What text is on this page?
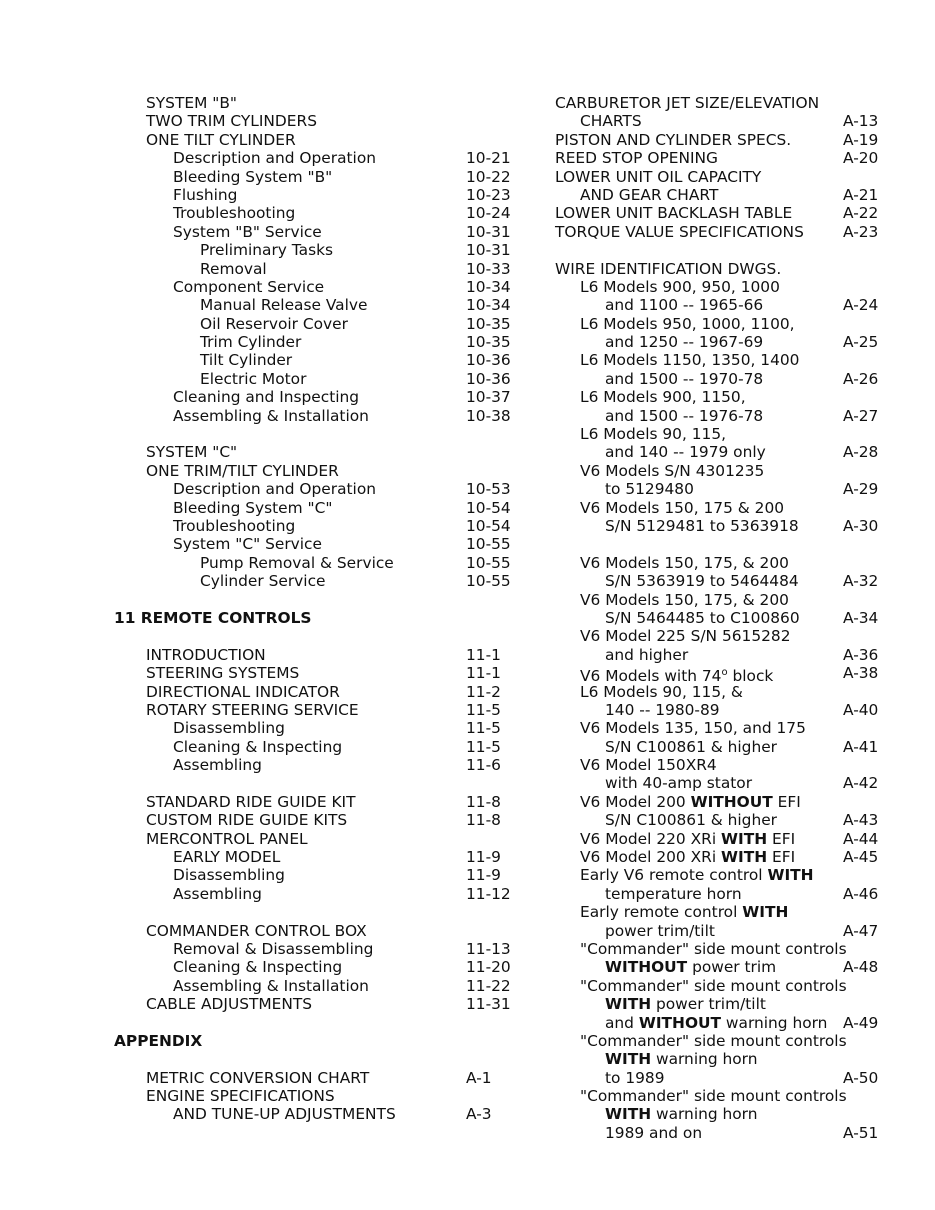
SYSTEM "B"
TWO TRIM CYLINDERS
ONE TILT CYLINDER
Description and Operation	10-21
Bleeding System "B"	10-22
Flushing	10-23
Troubleshooting	10-24
System "B" Service	10-31
Preliminary Tasks	10-31
Removal	10-33
Component Service	10-34
Manual Release Valve	10-34
Oil Reservoir Cover	10-35
Trim Cylinder	10-35
Tilt Cylinder	10-36
Electric Motor	10-36
Cleaning and Inspecting	10-37
Assembling & Installation	10-38
SYSTEM "C"
ONE TRIM/TILT CYLINDER
Description and Operation	10-53
Bleeding System "C"	10-54
Troubleshooting	10-54
System "C" Service	10-55
Pump Removal & Service	10-55
Cylinder Service	10-55
11 REMOTE CONTROLS
INTRODUCTION	11-1
STEERING SYSTEMS	11-1
DIRECTIONAL INDICATOR	11-2
ROTARY STEERING SERVICE	11-5
Disassembling	11-5
Cleaning & Inspecting	11-5
Assembling	11-6
STANDARD RIDE GUIDE KIT	11-8
CUSTOM RIDE GUIDE KITS	11-8
MERCONTROL PANEL
EARLY MODEL	11-9
Disassembling	11-9
Assembling	11-12
COMMANDER CONTROL BOX
Removal & Disassembling	11-13
Cleaning & Inspecting	11-20
Assembling & Installation	11-22
CABLE ADJUSTMENTS	11-31
APPENDIX
METRIC CONVERSION CHART	A-1
ENGINE SPECIFICATIONS
AND TUNE-UP ADJUSTMENTS	A-3
CARBURETOR JET SIZE/ELEVATION
CHARTS	A-13
PISTON AND CYLINDER SPECS.	A-19
REED STOP OPENING	A-20
LOWER UNIT OIL CAPACITY
AND GEAR CHART	A-21
LOWER UNIT BACKLASH TABLE	A-22
TORQUE VALUE SPECIFICATIONS	A-23
WIRE IDENTIFICATION DWGS.
L6 Models 900, 950, 1000
and 1100 -- 1965-66	A-24
L6 Models 950, 1000, 1100,
and 1250 -- 1967-69	A-25
L6 Models 1150, 1350, 1400
and 1500 -- 1970-78	A-26
L6 Models 900, 1150,
and 1500 -- 1976-78	A-27
L6 Models 90, 115,
and 140 -- 1979 only	A-28
V6 Models S/N 4301235
to 5129480	A-29
V6 Models 150, 175 & 200
S/N 5129481 to 5363918	A-30
V6 Models 150, 175, & 200
S/N 5363919 to 5464484	A-32
V6 Models 150, 175, & 200
S/N 5464485 to C100860	A-34
V6 Model 225 S/N 5615282
and higher	A-36
V6 Models with 74$^o$ block	A-38
L6 Models 90, 115, &
140 -- 1980-89	A-40
V6 Models 135, 150, and 175
S/N C100861 & higher	A-41
V6 Model 150XR4
with 40-amp stator	A-42
V6 Model 200 WITHOUT EFI
S/N C100861 & higher	A-43
V6 Model 220 XRi WITH EFI	A-44
V6 Model 200 XRi WITH EFI	A-45
Early V6 remote control WITH
temperature horn	A-46
Early remote control WITH
power trim/tilt	A-47
"Commander" side mount controls
WITHOUT power trim	A-48
"Commander" side mount controls
WITH power trim/tilt
and WITHOUT warning horn A-49
"Commander" side mount controls
WITH warning horn
to 1989	A-50
"Commander" side mount controls
WITH warning horn
1989 and on	A-51
